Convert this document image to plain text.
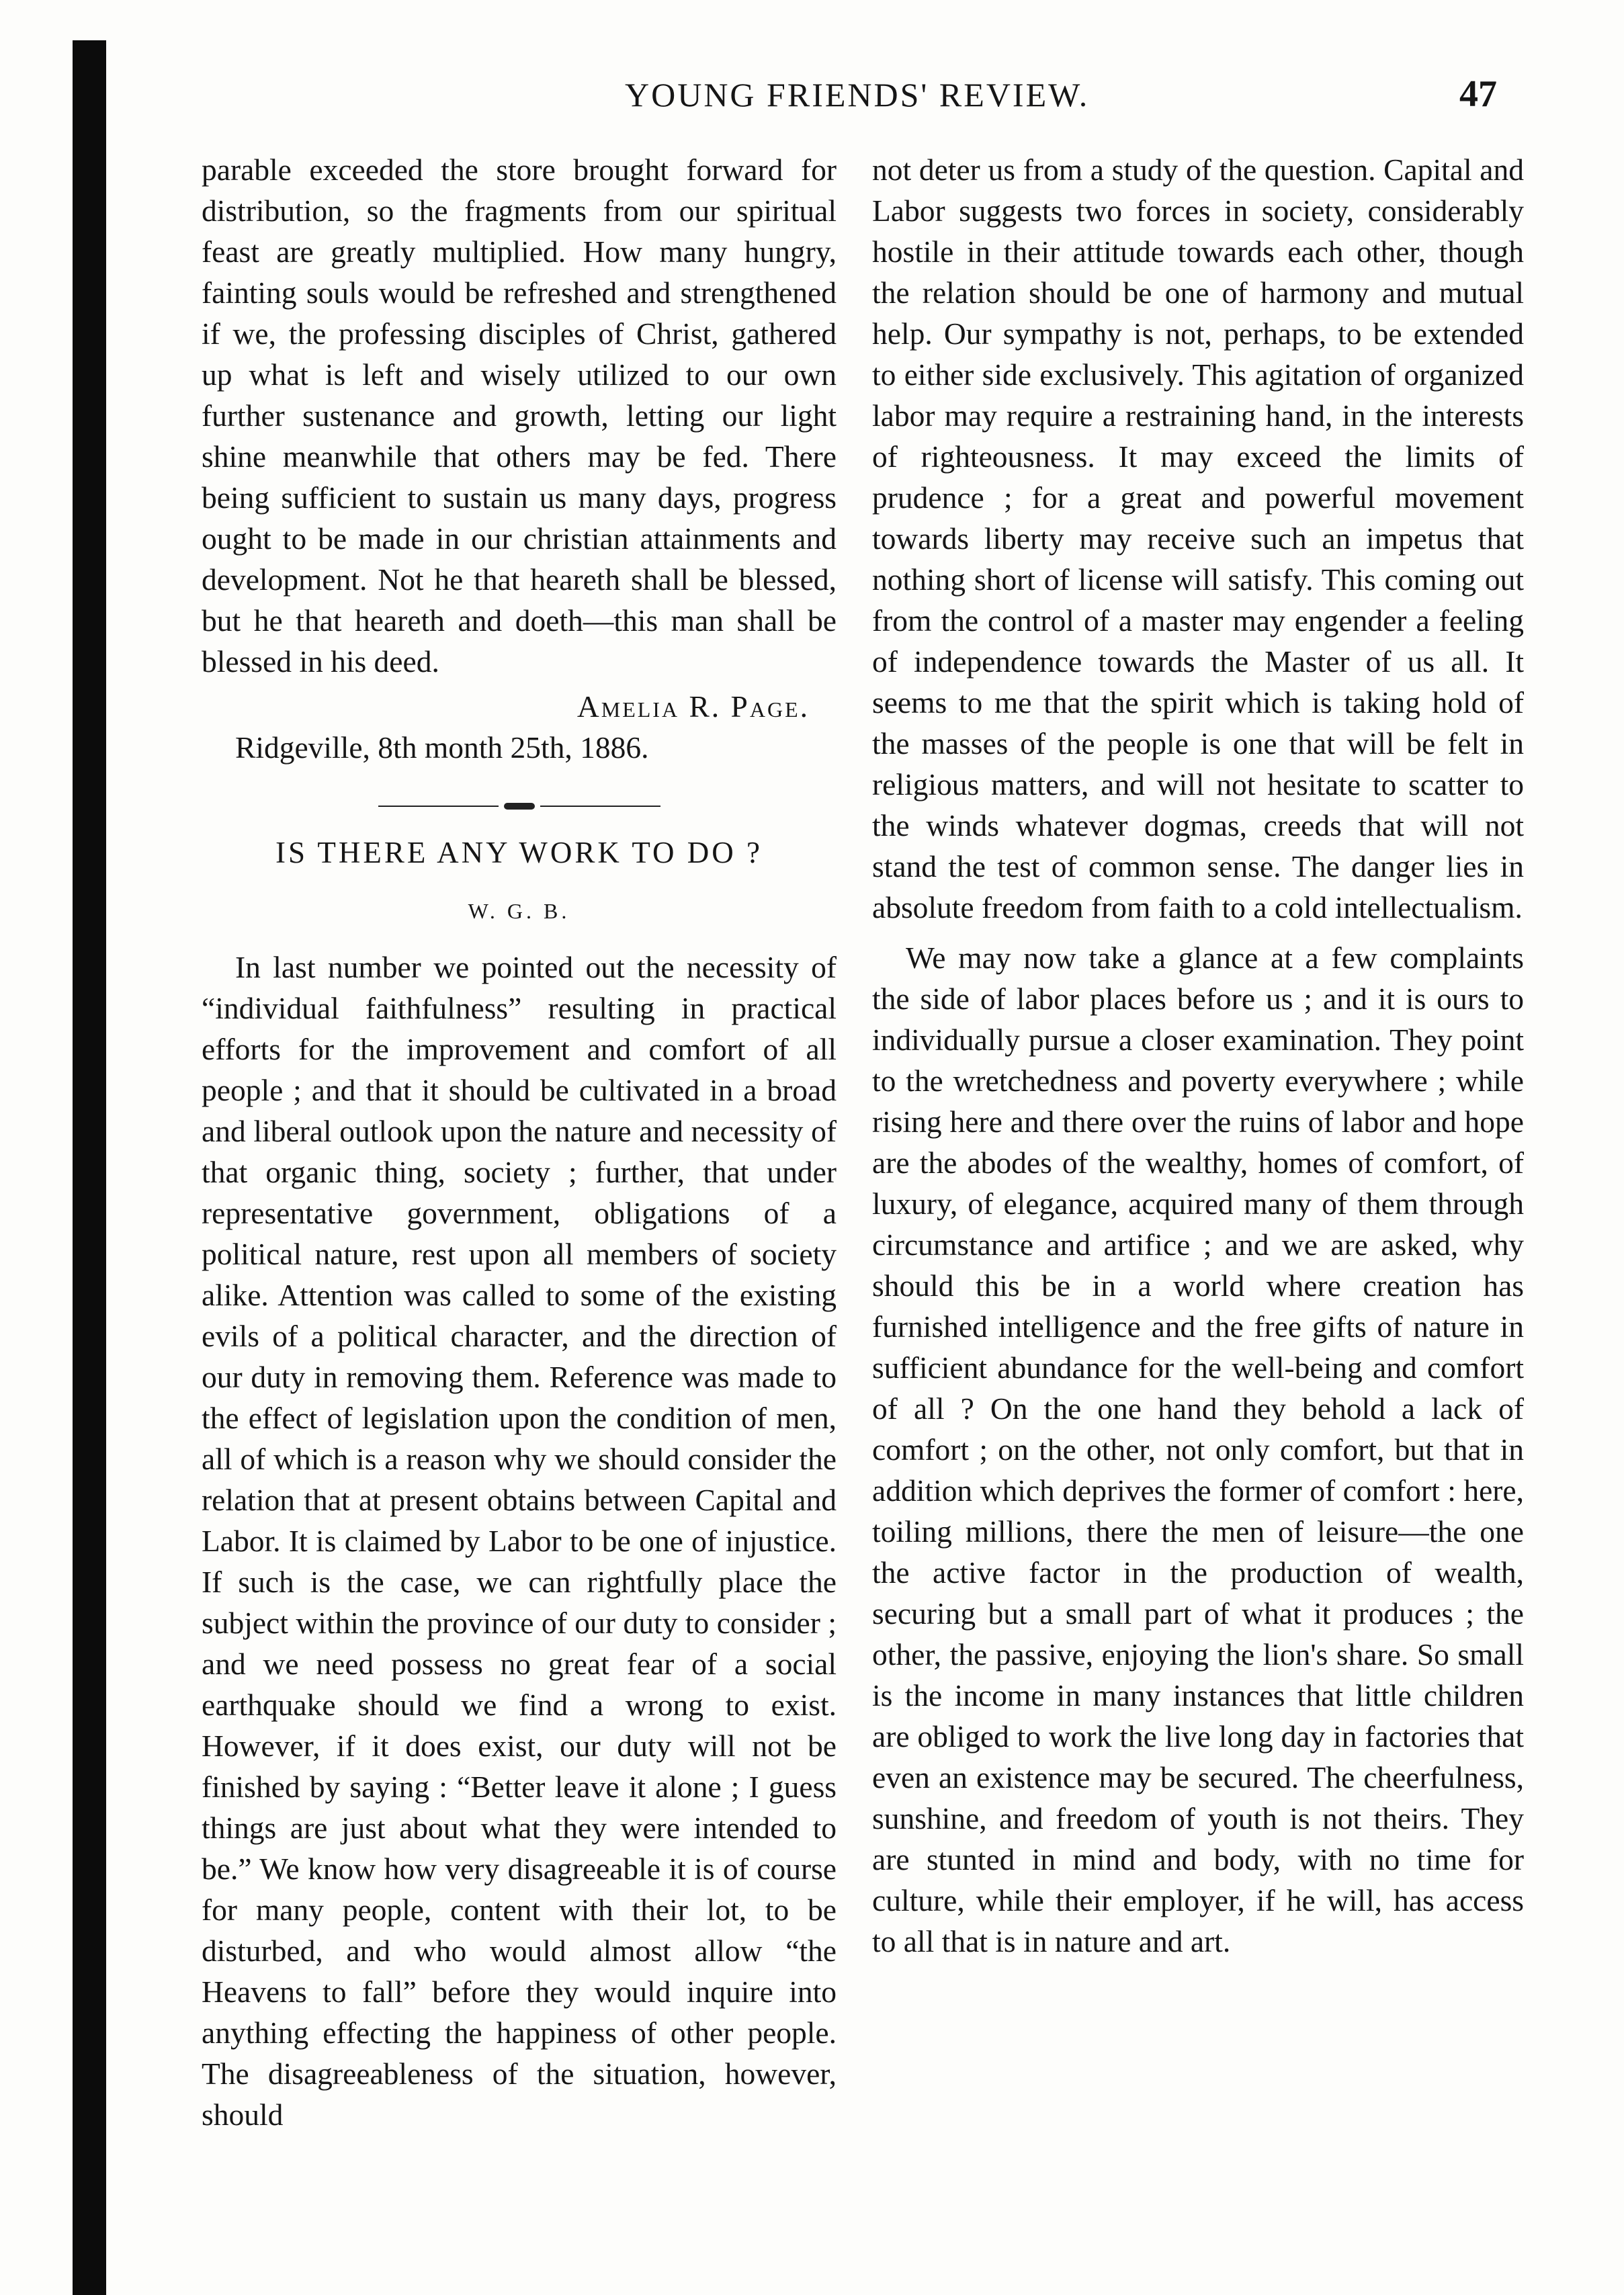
YOUNG FRIENDS' REVIEW.	47

parable exceeded the store brought forward for distribution, so the fragments from our spiritual feast are greatly multiplied. How many hungry, fainting souls would be refreshed and strengthened if we, the professing disciples of Christ, gathered up what is left and wisely utilized to our own further sustenance and growth, letting our light shine meanwhile that others may be fed. There being sufficient to sustain us many days, progress ought to be made in our christian attainments and development. Not he that heareth shall be blessed, but he that heareth and doeth—this man shall be blessed in his deed.

Amelia R. Page.

Ridgeville, 8th month 25th, 1886.

IS THERE ANY WORK TO DO ?
W. G. B.

In last number we pointed out the necessity of “individual faithfulness” resulting in practical efforts for the improvement and comfort of all people ; and that it should be cultivated in a broad and liberal outlook upon the nature and necessity of that organic thing, society ; further, that under representative government, obligations of a political nature, rest upon all members of society alike. Attention was called to some of the existing evils of a political character, and the direction of our duty in removing them. Reference was made to the effect of legislation upon the condition of men, all of which is a reason why we should consider the relation that at present obtains between Capital and Labor. It is claimed by Labor to be one of injustice. If such is the case, we can rightfully place the subject within the province of our duty to consider ; and we need possess no great fear of a social earthquake should we find a wrong to exist. However, if it does exist, our duty will not be finished by saying : “Better leave it alone ; I guess things are just about what they were intended to be.” We know how very disagreeable it is of course for many people, content with their lot, to be disturbed, and who would almost allow “the Heavens to fall” before they would inquire into anything effecting the happiness of other people. The disagreeableness of the situation, however, should

not deter us from a study of the question. Capital and Labor suggests two forces in society, considerably hostile in their attitude towards each other, though the relation should be one of harmony and mutual help. Our sympathy is not, perhaps, to be extended to either side exclusively. This agitation of organized labor may require a restraining hand, in the interests of righteousness. It may exceed the limits of prudence ; for a great and powerful movement towards liberty may receive such an impetus that nothing short of license will satisfy. This coming out from the control of a master may engender a feeling of independence towards the Master of us all. It seems to me that the spirit which is taking hold of the masses of the people is one that will be felt in religious matters, and will not hesitate to scatter to the winds whatever dogmas, creeds that will not stand the test of common sense. The danger lies in absolute freedom from faith to a cold intellectualism.

We may now take a glance at a few complaints the side of labor places before us ; and it is ours to individually pursue a closer examination. They point to the wretchedness and poverty everywhere ; while rising here and there over the ruins of labor and hope are the abodes of the wealthy, homes of comfort, of luxury, of elegance, acquired many of them through circumstance and artifice ; and we are asked, why should this be in a world where creation has furnished intelligence and the free gifts of nature in sufficient abundance for the well-being and comfort of all ? On the one hand they behold a lack of comfort ; on the other, not only comfort, but that in addition which deprives the former of comfort : here, toiling millions, there the men of leisure—the one the active factor in the production of wealth, securing but a small part of what it produces ; the other, the passive, enjoying the lion's share. So small is the income in many instances that little children are obliged to work the live long day in factories that even an existence may be secured. The cheerfulness, sunshine, and freedom of youth is not theirs. They are stunted in mind and body, with no time for culture, while their employer, if he will, has access to all that is in nature and art.
